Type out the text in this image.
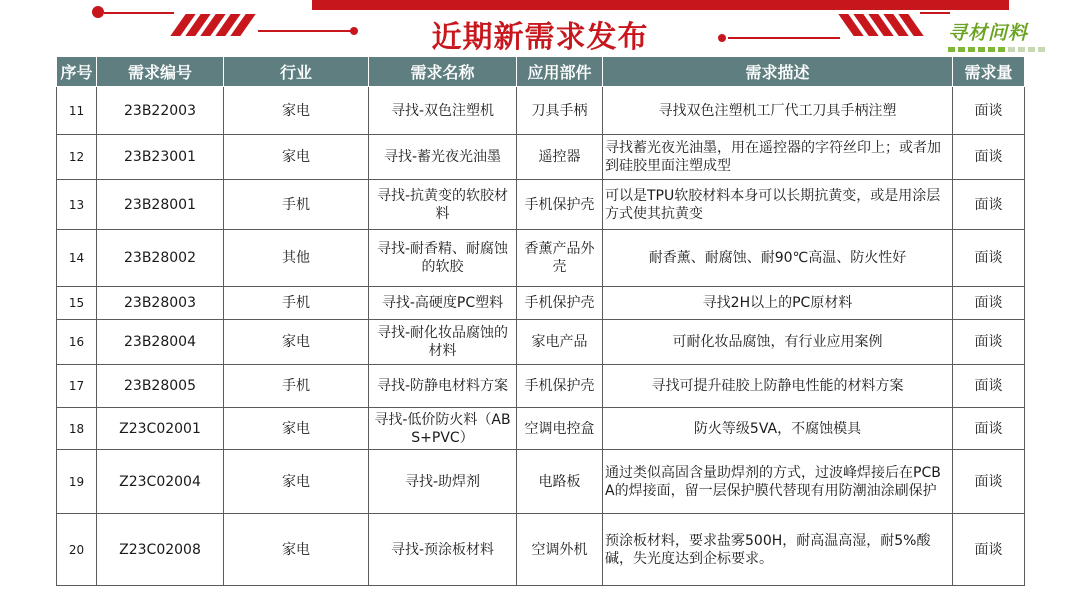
近期新需求发布	寻材问料
序号	需求编号	行业	需求名称	应用部件	需求描述	需求量
11	23B22003	家电	寻找-双色注塑机	刀具手柄	寻找双色注塑机工厂代工刀具手柄注塑	面谈
12	23B23001	家电	寻找-蓄光夜光油墨	遥控器	寻找蓄光夜光油墨，用在遥控器的字符丝印上；或者加到硅胶里面注塑成型	面谈
13	23B28001	手机	寻找-抗黄变的软胶材料	手机保护壳	可以是TPU软胶材料本身可以长期抗黄变，或是用涂层方式使其抗黄变	面谈
14	23B28002	其他	寻找-耐香精、耐腐蚀的软胶	香薰产品外壳	耐香薰、耐腐蚀、耐90℃高温、防火性好	面谈
15	23B28003	手机	寻找-高硬度PC塑料	手机保护壳	寻找2H以上的PC原材料	面谈
16	23B28004	家电	寻找-耐化妆品腐蚀的材料	家电产品	可耐化妆品腐蚀，有行业应用案例	面谈
17	23B28005	手机	寻找-防静电材料方案	手机保护壳	寻找可提升硅胶上防静电性能的材料方案	面谈
18	Z23C02001	家电	寻找-低价防火料（ABS+PVC）	空调电控盒	防火等级5VA，不腐蚀模具	面谈
19	Z23C02004	家电	寻找-助焊剂	电路板	通过类似高固含量助焊剂的方式，过波峰焊接后在PCBA的焊接面，留一层保护膜代替现有用防潮油涂刷保护	面谈
20	Z23C02008	家电	寻找-预涂板材料	空调外机	预涂板材料，要求盐雾500H，耐高温高湿，耐5%酸碱，失光度达到企标要求。	面谈
